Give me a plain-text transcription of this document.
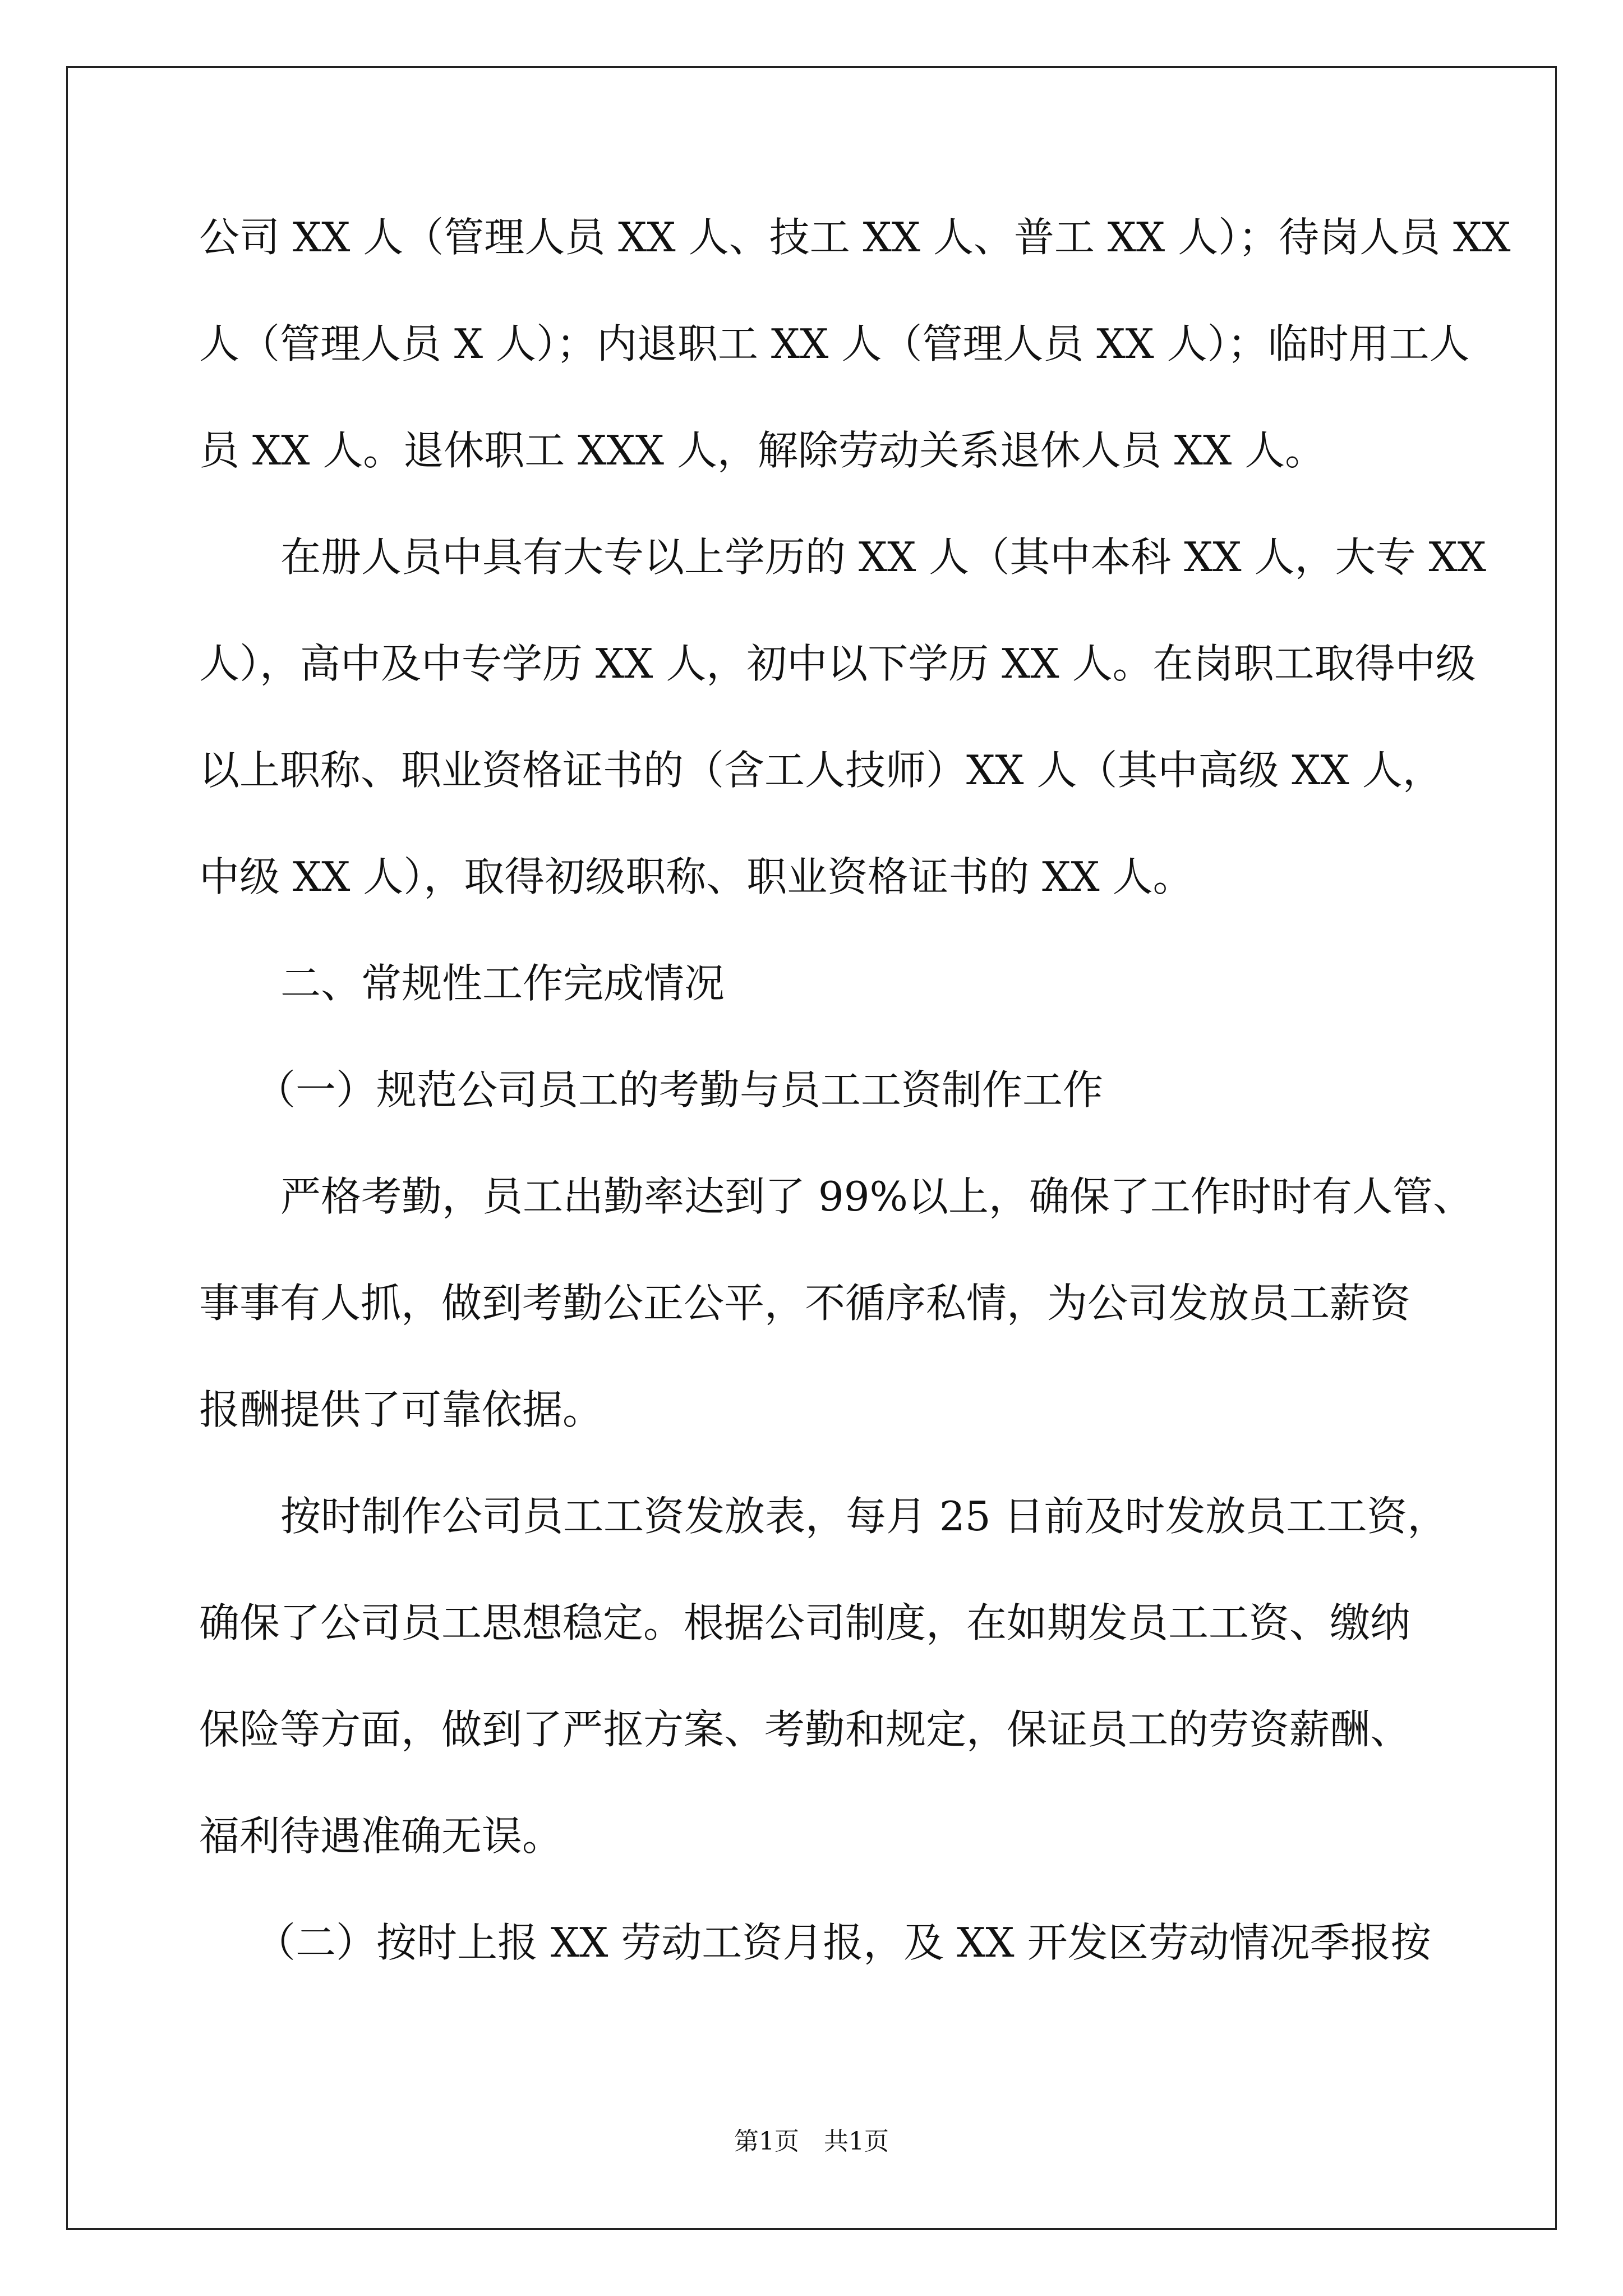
公司 XX 人（管理人员 XX 人、技工 XX 人、普工 XX 人）；待岗人员 XX
人（管理人员 X 人）；内退职工 XX 人（管理人员 XX 人）；临时用工人
员 XX 人。退休职工 XXX 人，解除劳动关系退休人员 XX 人。
在册人员中具有大专以上学历的 XX 人（其中本科 XX 人，大专 XX
人），高中及中专学历 XX 人，初中以下学历 XX 人。在岗职工取得中级
以上职称、职业资格证书的（含工人技师）XX 人（其中高级 XX 人，
中级 XX 人），取得初级职称、职业资格证书的 XX 人。
二、常规性工作完成情况
（一）规范公司员工的考勤与员工工资制作工作
严格考勤，员工出勤率达到了 99%以上，确保了工作时时有人管、
事事有人抓，做到考勤公正公平，不循序私情，为公司发放员工薪资
报酬提供了可靠依据。
按时制作公司员工工资发放表，每月 25 日前及时发放员工工资，
确保了公司员工思想稳定。根据公司制度，在如期发员工工资、缴纳
保险等方面，做到了严抠方案、考勤和规定，保证员工的劳资薪酬、
福利待遇准确无误。
（二）按时上报 XX 劳动工资月报，及 XX 开发区劳动情况季报按
第1页　共1页
